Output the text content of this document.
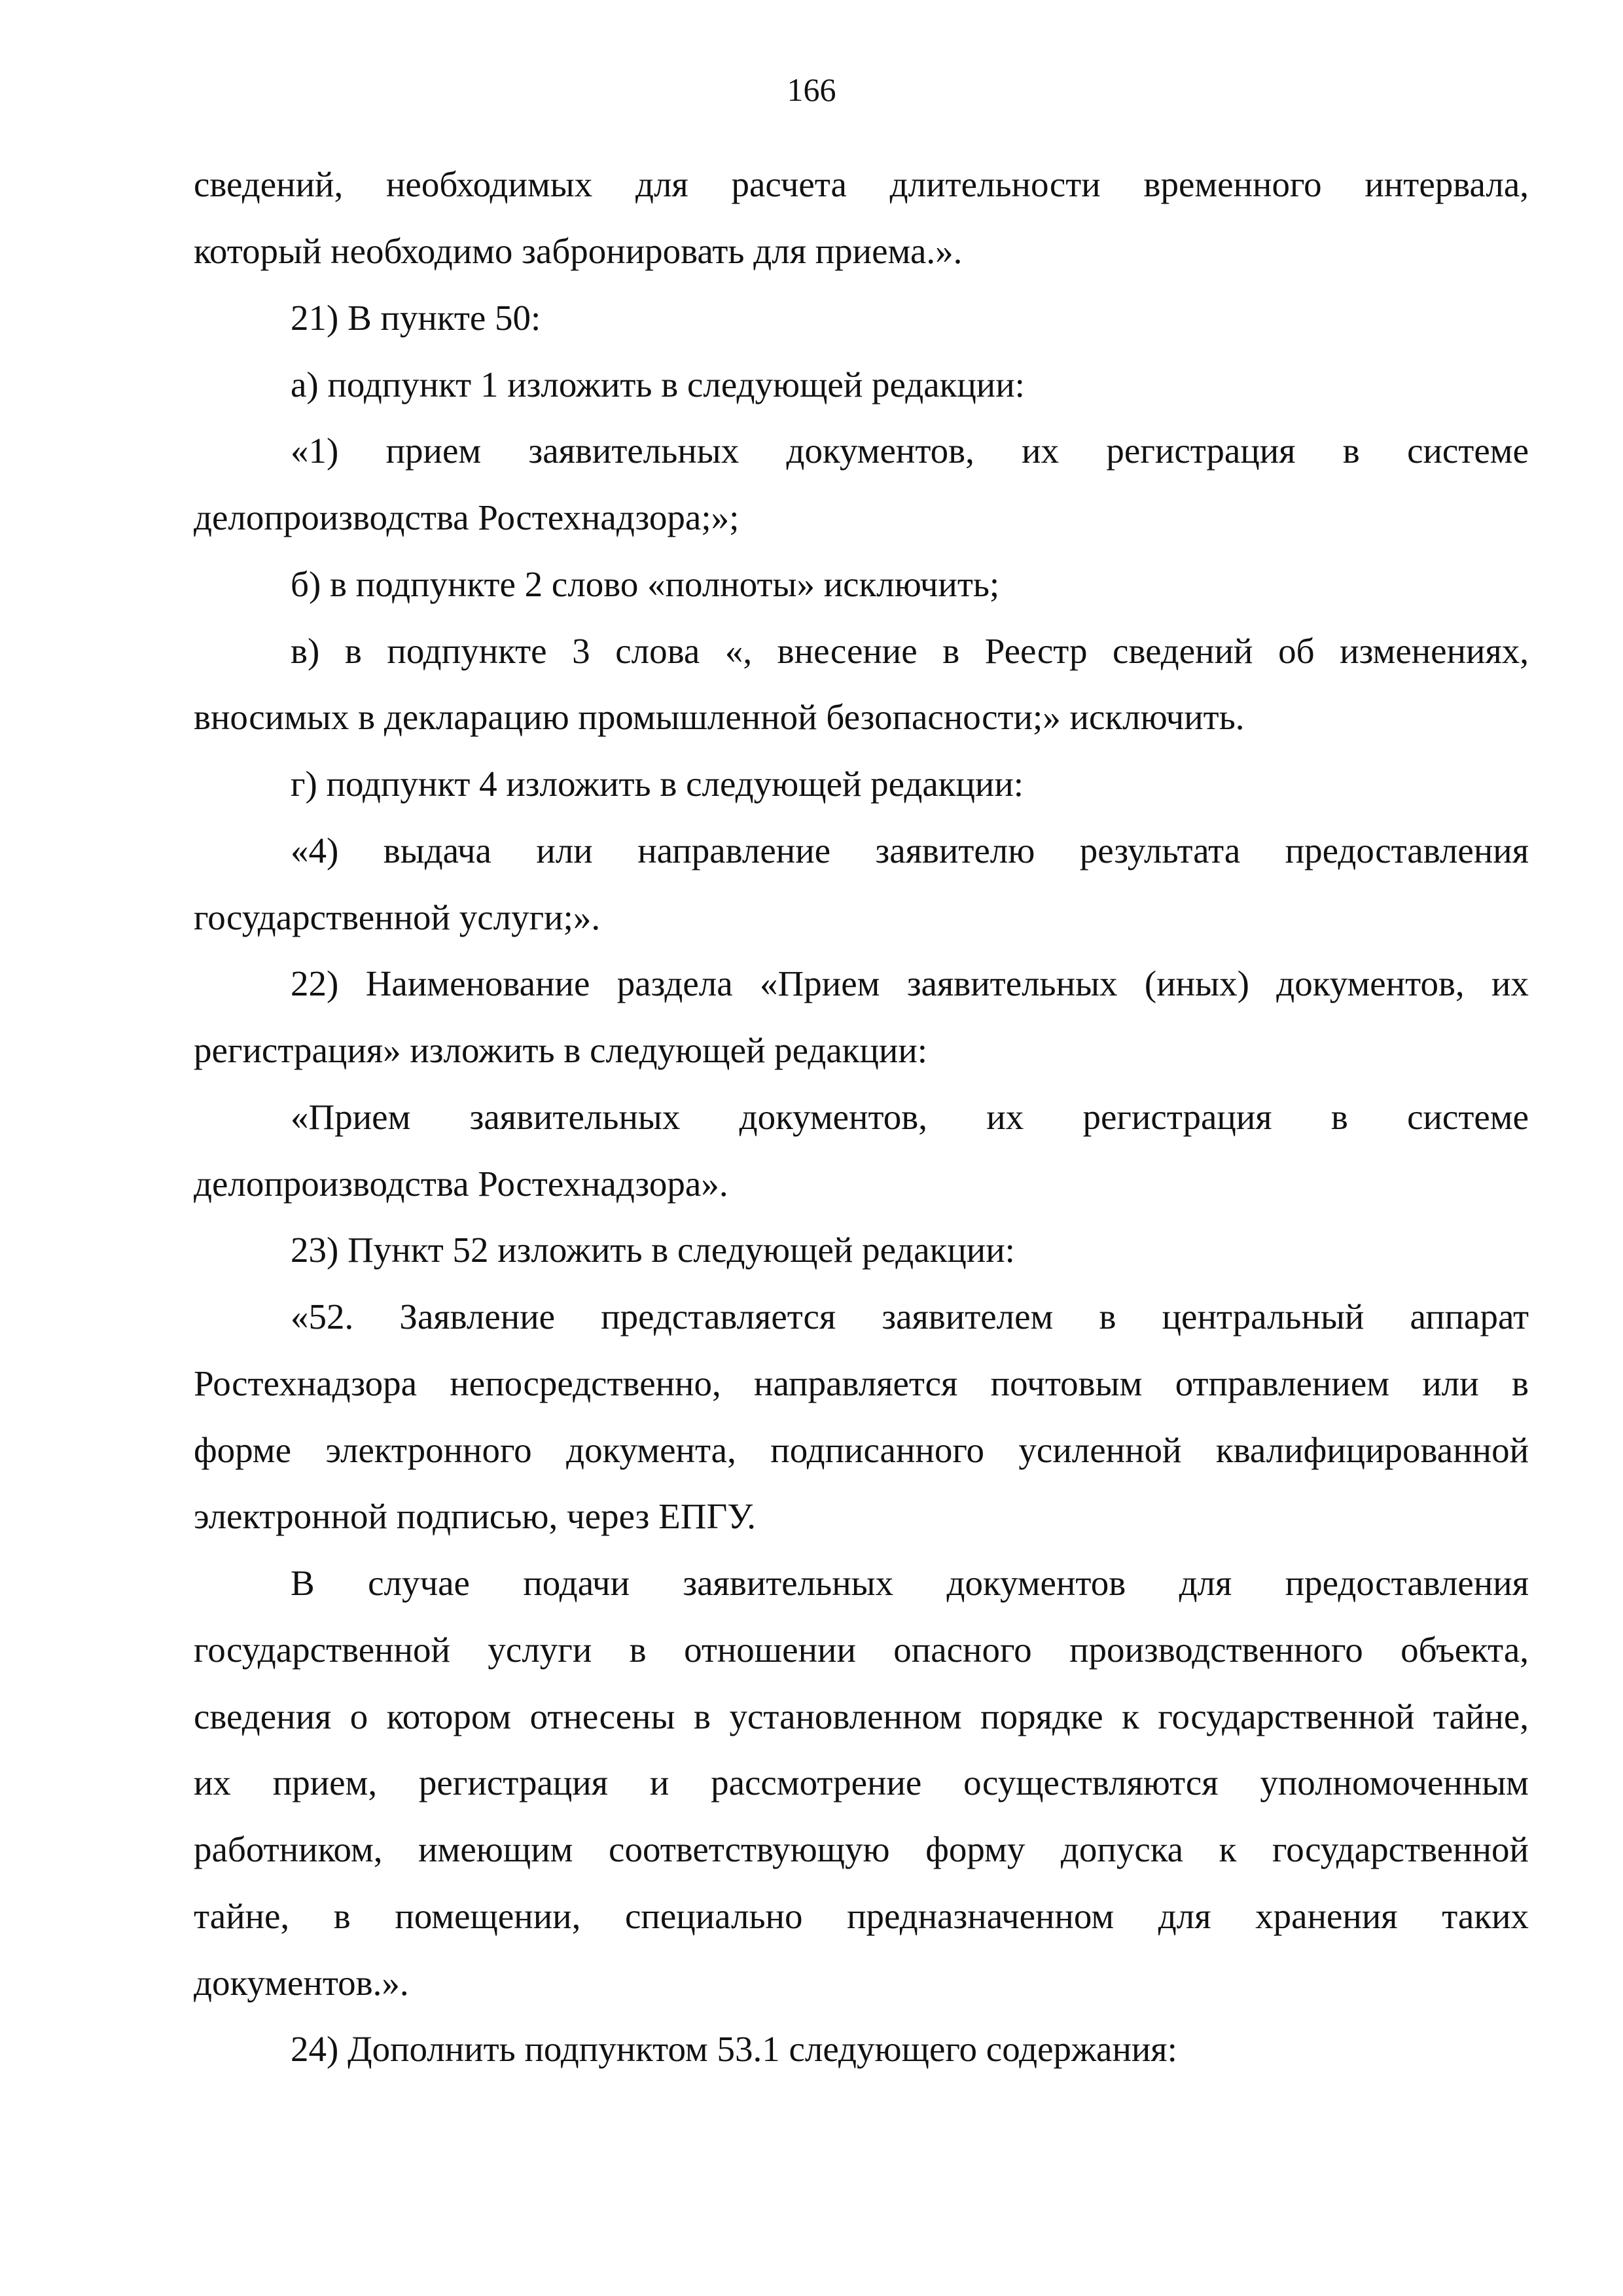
166
сведений, необходимых для расчета длительности временного интервала,
который необходимо забронировать для приема.».
21) В пункте 50:
а) подпункт 1 изложить в следующей редакции:
«1) прием заявительных документов, их регистрация в системе
делопроизводства Ростехнадзора;»;
б) в подпункте 2 слово «полноты» исключить;
в) в подпункте 3 слова «, внесение в Реестр сведений об изменениях,
вносимых в декларацию промышленной безопасности;» исключить.
г) подпункт 4 изложить в следующей редакции:
«4) выдача или направление заявителю результата предоставления
государственной услуги;».
22) Наименование раздела «Прием заявительных (иных) документов, их
регистрация» изложить в следующей редакции:
«Прием заявительных документов, их регистрация в системе
делопроизводства Ростехнадзора».
23) Пункт 52 изложить в следующей редакции:
«52. Заявление представляется заявителем в центральный аппарат
Ростехнадзора непосредственно, направляется почтовым отправлением или в
форме электронного документа, подписанного усиленной квалифицированной
электронной подписью, через ЕПГУ.
В случае подачи заявительных документов для предоставления
государственной услуги в отношении опасного производственного объекта,
сведения о котором отнесены в установленном порядке к государственной тайне,
их прием, регистрация и рассмотрение осуществляются уполномоченным
работником, имеющим соответствующую форму допуска к государственной
тайне, в помещении, специально предназначенном для хранения таких
документов.».
24) Дополнить подпунктом 53.1 следующего содержания:
